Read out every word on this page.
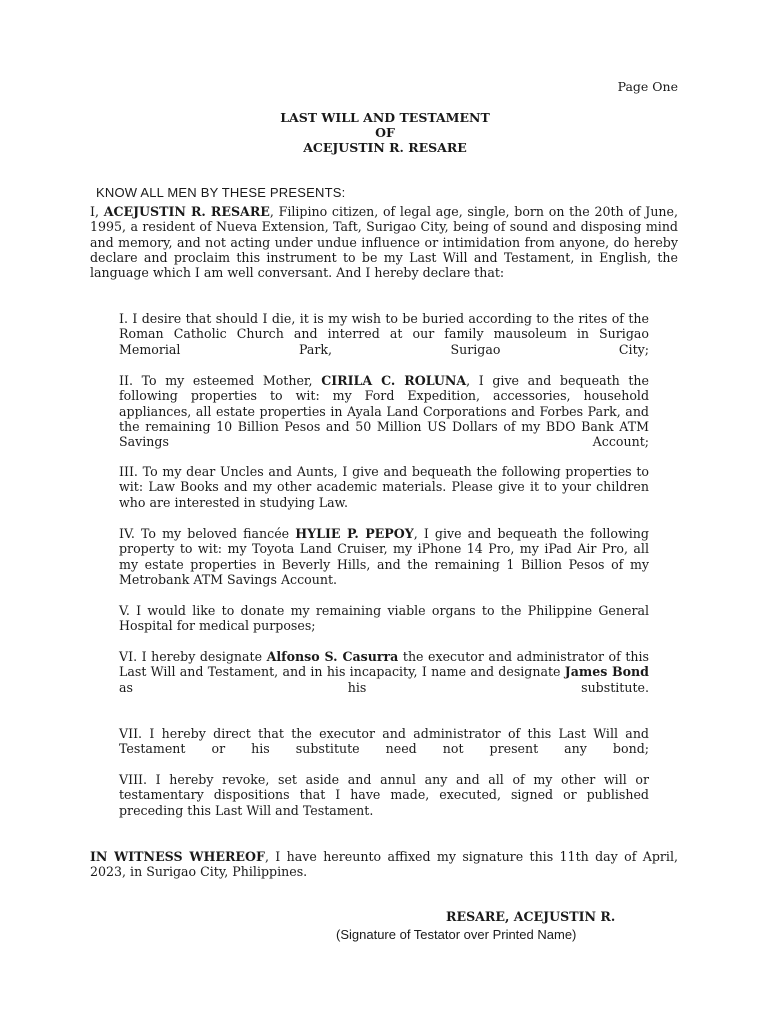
Page One
LAST WILL AND TESTAMENT
OF
ACEJUSTIN R. RESARE
KNOW ALL MEN BY THESE PRESENTS:

I, ACEJUSTIN R. RESARE, Filipino citizen, of legal age, single, born on the 20th of June, 1995, a resident of Nueva Extension, Taft, Surigao City, being of sound and disposing mind and memory, and not acting under undue influence or intimidation from anyone, do hereby declare and proclaim this instrument to be my Last Will and Testament, in English, the language which I am well conversant. And I hereby declare that:

I. I desire that should I die, it is my wish to be buried according to the rites of the Roman Catholic Church and interred at our family mausoleum in Surigao Memorial Park, Surigao City;

II. To my esteemed Mother, CIRILA C. ROLUNA, I give and bequeath the following properties to wit: my Ford Expedition, accessories, household appliances, all estate properties in Ayala Land Corporations and Forbes Park, and the remaining 10 Billion Pesos and 50 Million US Dollars of my BDO Bank ATM Savings Account;

III. To my dear Uncles and Aunts, I give and bequeath the following properties to wit: Law Books and my other academic materials. Please give it to your children who are interested in studying Law.

IV. To my beloved fiancée HYLIE P. PEPOY, I give and bequeath the following property to wit: my Toyota Land Cruiser, my iPhone 14 Pro, my iPad Air Pro, all my estate properties in Beverly Hills, and the remaining 1 Billion Pesos of my Metrobank ATM Savings Account.

V. I would like to donate my remaining viable organs to the Philippine General Hospital for medical purposes;

VI. I hereby designate Alfonso S. Casurra the executor and administrator of this Last Will and Testament, and in his incapacity, I name and designate James Bond as his substitute.

VII. I hereby direct that the executor and administrator of this Last Will and Testament or his substitute need not present any bond;

VIII. I hereby revoke, set aside and annul any and all of my other will or testamentary dispositions that I have made, executed, signed or published preceding this Last Will and Testament.

IN WITNESS WHEREOF, I have hereunto affixed my signature this 11th day of April, 2023, in Surigao City, Philippines.

RESARE, ACEJUSTIN R.
(Signature of Testator over Printed Name)
